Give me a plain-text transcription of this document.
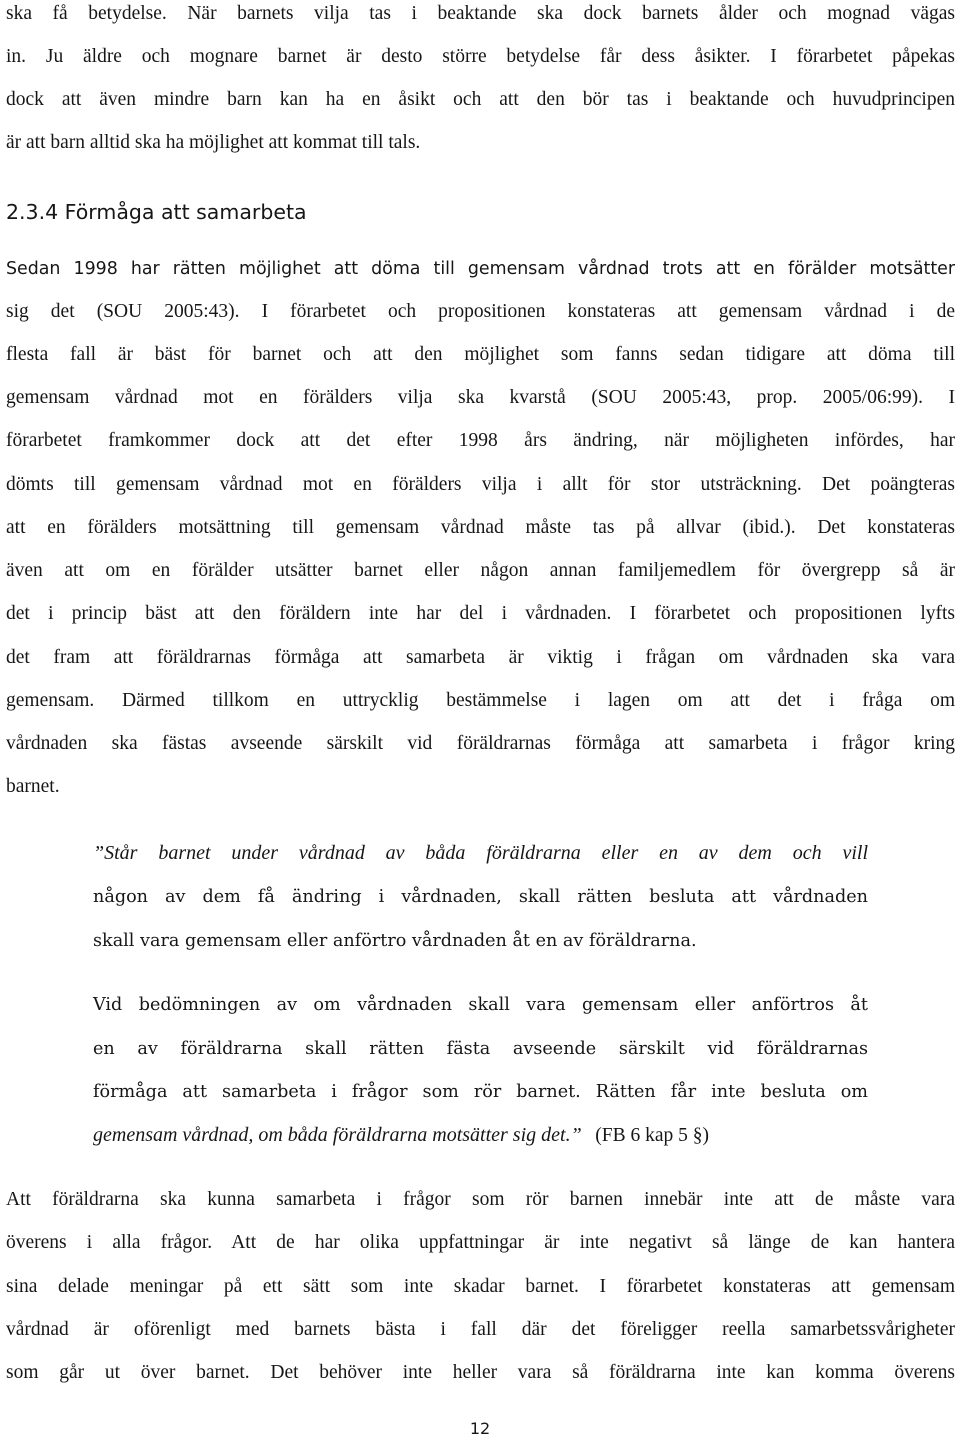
ska få betydelse. När barnets vilja tas i beaktande ska dock barnets ålder och mognad vägas
in. Ju äldre och mognare barnet är desto större betydelse får dess åsikter. I förarbetet påpekas
dock att även mindre barn kan ha en åsikt och att den bör tas i beaktande och huvudprincipen
är att barn alltid ska ha möjlighet att kommat till tals.
2.3.4 Förmåga att samarbeta
Sedan 1998 har rätten möjlighet att döma till gemensam vårdnad trots att en förälder motsätter
sig det (SOU 2005:43). I förarbetet och propositionen konstateras att gemensam vårdnad i de
flesta fall är bäst för barnet och att den möjlighet som fanns sedan tidigare att döma till
gemensam vårdnad mot en förälders vilja ska kvarstå (SOU 2005:43, prop. 2005/06:99). I
förarbetet framkommer dock att det efter 1998 års ändring, när möjligheten infördes, har
dömts till gemensam vårdnad mot en förälders vilja i allt för stor utsträckning. Det poängteras
att en förälders motsättning till gemensam vårdnad måste tas på allvar (ibid.). Det konstateras
även att om en förälder utsätter barnet eller någon annan familjemedlem för övergrepp så är
det i princip bäst att den föräldern inte har del i vårdnaden. I förarbetet och propositionen lyfts
det fram att föräldrarnas förmåga att samarbeta är viktig i frågan om vårdnaden ska vara
gemensam. Därmed tillkom en uttrycklig bestämmelse i lagen om att det i fråga om
vårdnaden ska fästas avseende särskilt vid föräldrarnas förmåga att samarbeta i frågor kring
barnet.
”Står barnet under vårdnad av båda föräldrarna eller en av dem och vill
någon av dem få ändring i vårdnaden, skall rätten besluta att vårdnaden
skall vara gemensam eller anförtro vårdnaden åt en av föräldrarna.
Vid bedömningen av om vårdnaden skall vara gemensam eller anförtros åt
en av föräldrarna skall rätten fästa avseende särskilt vid föräldrarnas
förmåga att samarbeta i frågor som rör barnet. Rätten får inte besluta om
gemensam vårdnad, om båda föräldrarna motsätter sig det.” (FB 6 kap 5 §)
Att föräldrarna ska kunna samarbeta i frågor som rör barnen innebär inte att de måste vara
överens i alla frågor. Att de har olika uppfattningar är inte negativt så länge de kan hantera
sina delade meningar på ett sätt som inte skadar barnet. I förarbetet konstateras att gemensam
vårdnad är oförenligt med barnets bästa i fall där det föreligger reella samarbetssvårigheter
som går ut över barnet. Det behöver inte heller vara så föräldrarna inte kan komma överens
12
